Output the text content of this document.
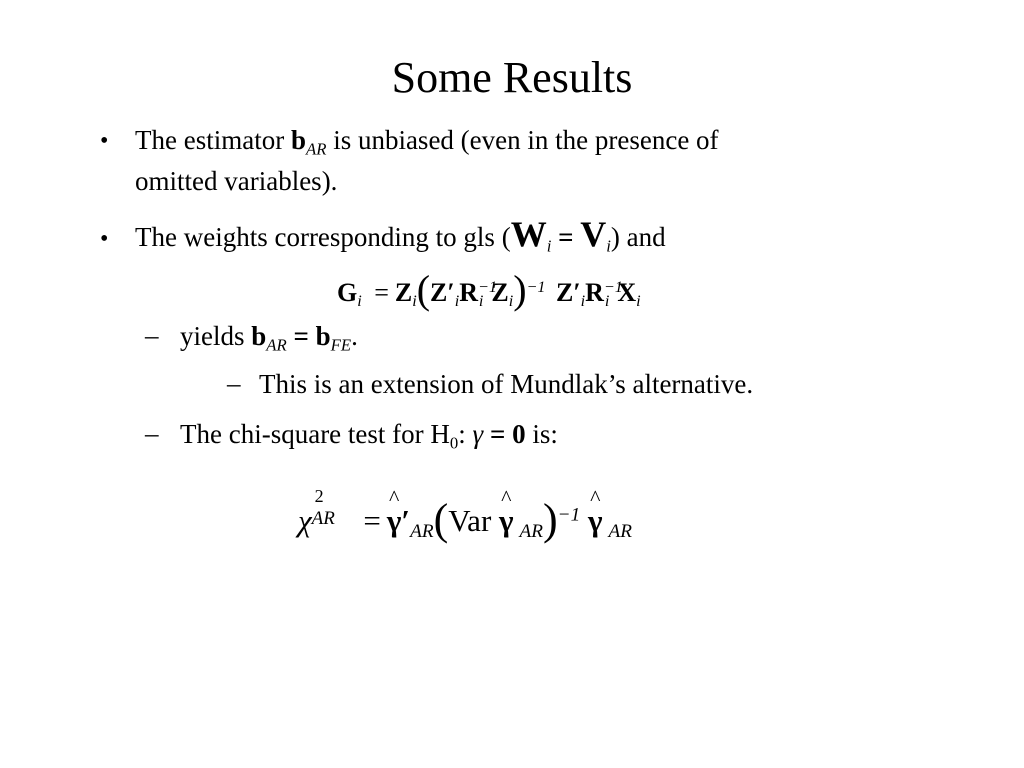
Some Results
• The estimator $b_{AR}$ is unbiased (even in the presence of
omitted variables).
• The weights corresponding to gls $(W_i = V_i)$ and
$G_i = Z_i(Z'_iR^{-1}_i$ $Z_i)^{-1}$ $Z'_iR^{-1}_i$ $X_i$
– yields $b_{AR} = b_{FE}$.
– This is an extension of Mundlak’s alternative.
– The chi-square test for $H_0$: γ = 0 is:
χ
2
AR = ^ $\gamma'_{AR}(Var$ ^ γ $_{AR}$)$^{-1}$ ^ γ $_{AR}$
